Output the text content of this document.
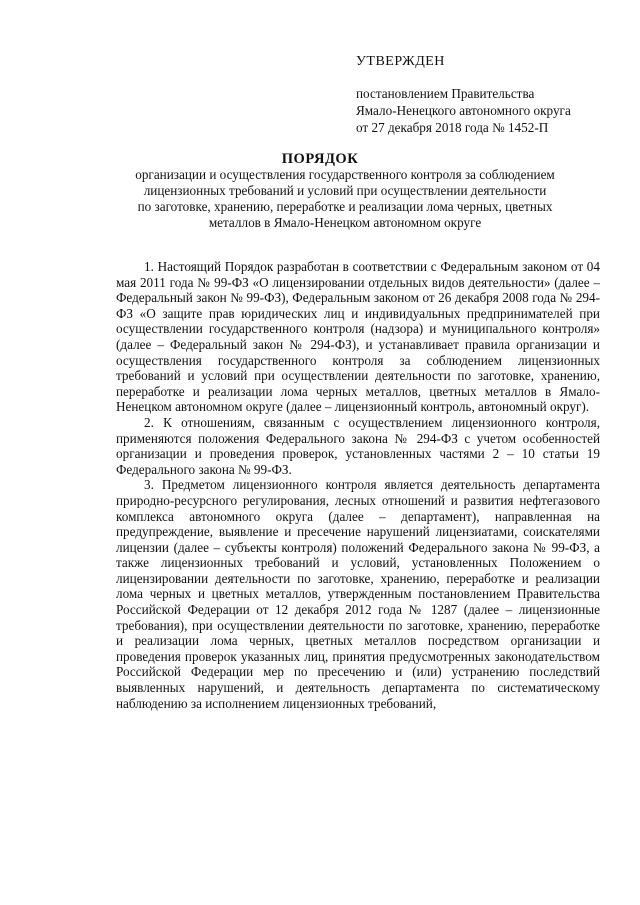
УТВЕРЖДЕН
постановлением Правительства
Ямало-Ненецкого автономного округа
от 27 декабря 2018 года № 1452-П
ПОРЯДОК
организации и осуществления государственного контроля за соблюдением
лицензионных требований и условий при осуществлении деятельности
по заготовке, хранению, переработке и реализации лома черных, цветных
металлов в Ямало-Ненецком автономном округе

1. Настоящий Порядок разработан в соответствии с Федеральным законом от 04 мая 2011 года № 99-ФЗ «О лицензировании отдельных видов деятельности» (далее – Федеральный закон № 99-ФЗ), Федеральным законом от 26 декабря 2008 года № 294-ФЗ «О защите прав юридических лиц и индивидуальных предпринимателей при осуществлении государственного контроля (надзора) и муниципального контроля» (далее – Федеральный закон № 294-ФЗ), и устанавливает правила организации и осуществления государственного контроля за соблюдением лицензионных требований и условий при осуществлении деятельности по заготовке, хранению, переработке и реализации лома черных металлов, цветных металлов в Ямало-Ненецком автономном округе (далее – лицензионный контроль, автономный округ).

2. К отношениям, связанным с осуществлением лицензионного контроля, применяются положения Федерального закона № 294-ФЗ с учетом особенностей организации и проведения проверок, установленных частями 2 – 10 статьи 19 Федерального закона № 99-ФЗ.

3. Предметом лицензионного контроля является деятельность департамента природно-ресурсного регулирования, лесных отношений и развития нефтегазового комплекса автономного округа (далее – департамент), направленная на предупреждение, выявление и пресечение нарушений лицензиатами, соискателями лицензии (далее – субъекты контроля) положений Федерального закона № 99-ФЗ, а также лицензионных требований и условий, установленных Положением о лицензировании деятельности по заготовке, хранению, переработке и реализации лома черных и цветных металлов, утвержденным постановлением Правительства Российской Федерации от 12 декабря 2012 года № 1287 (далее – лицензионные требования), при осуществлении деятельности по заготовке, хранению, переработке и реализации лома черных, цветных металлов посредством организации и проведения проверок указанных лиц, принятия предусмотренных законодательством Российской Федерации мер по пресечению и (или) устранению последствий выявленных нарушений, и деятельность департамента по систематическому наблюдению за исполнением лицензионных требований,
